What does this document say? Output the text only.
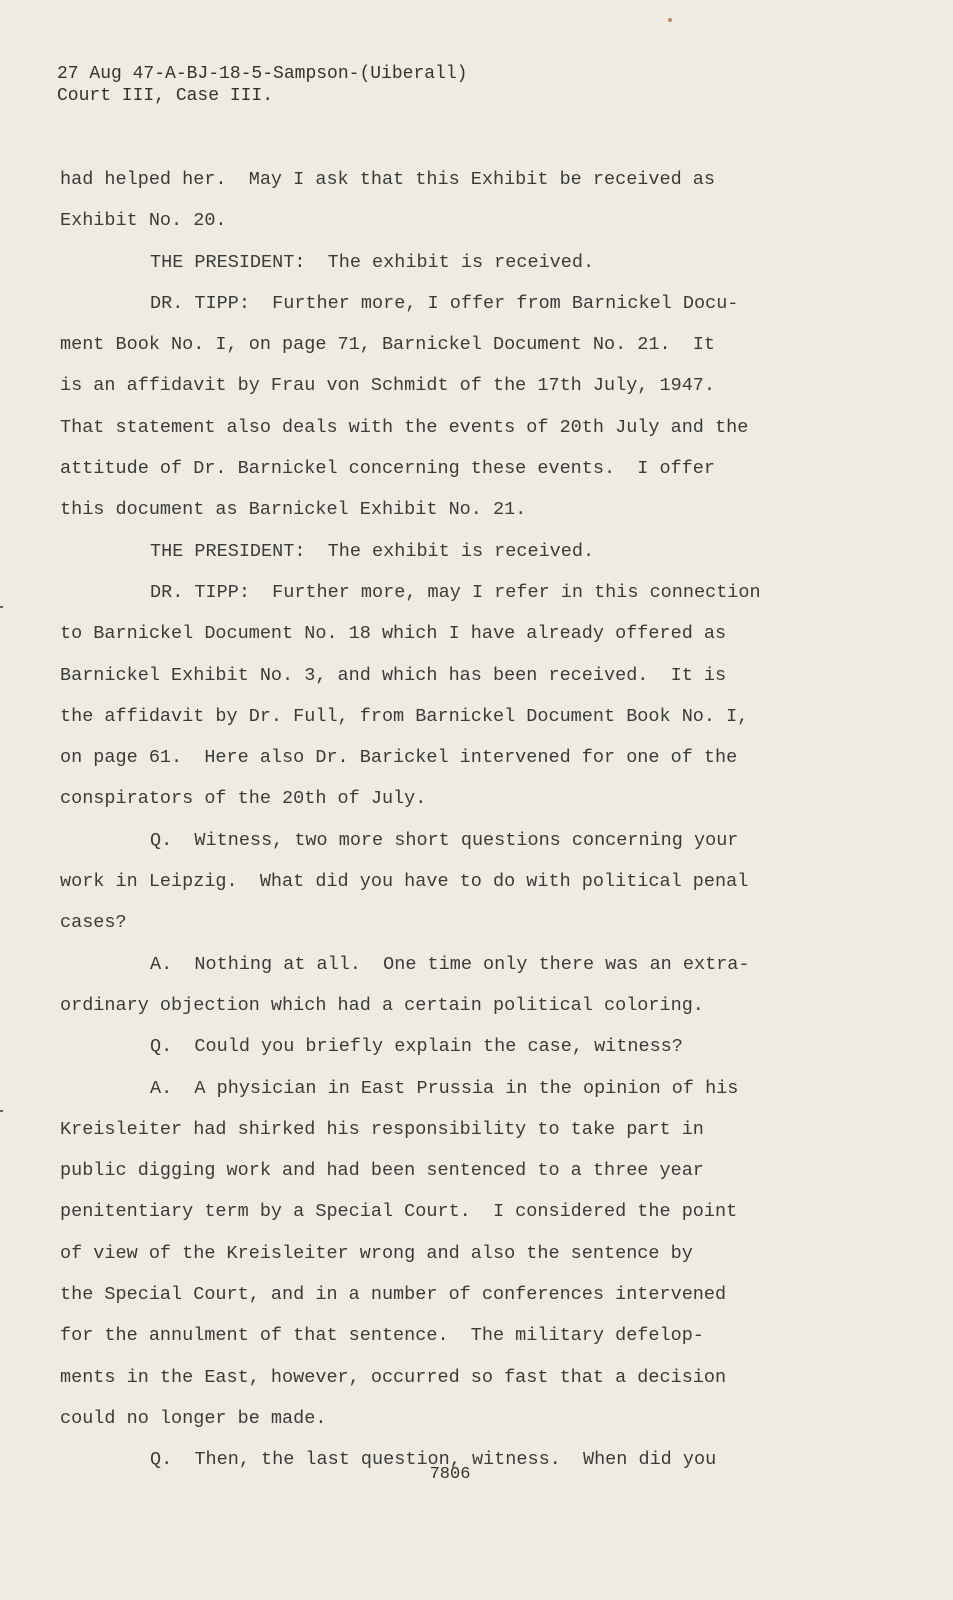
27 Aug 47-A-BJ-18-5-Sampson-(Uiberall)
Court III, Case III.
had helped her.  May I ask that this Exhibit be received as
Exhibit No. 20.
THE PRESIDENT:  The exhibit is received.
DR. TIPP:  Further more, I offer from Barnickel Docu-
ment Book No. I, on page 71, Barnickel Document No. 21.  It
is an affidavit by Frau von Schmidt of the 17th July, 1947.
That statement also deals with the events of 20th July and the
attitude of Dr. Barnickel concerning these events.  I offer
this document as Barnickel Exhibit No. 21.
THE PRESIDENT:  The exhibit is received.
DR. TIPP:  Further more, may I refer in this connection
to Barnickel Document No. 18 which I have already offered as
Barnickel Exhibit No. 3, and which has been received.  It is
the affidavit by Dr. Full, from Barnickel Document Book No. I,
on page 61.  Here also Dr. Barickel intervened for one of the
conspirators of the 20th of July.
Q.  Witness, two more short questions concerning your
work in Leipzig.  What did you have to do with political penal
cases?
A.  Nothing at all.  One time only there was an extra-
ordinary objection which had a certain political coloring.
Q.  Could you briefly explain the case, witness?
A.  A physician in East Prussia in the opinion of his
Kreisleiter had shirked his responsibility to take part in
public digging work and had been sentenced to a three year
penitentiary term by a Special Court.  I considered the point
of view of the Kreisleiter wrong and also the sentence by
the Special Court, and in a number of conferences intervened
for the annulment of that sentence.  The military defelop-
ments in the East, however, occurred so fast that a decision
could no longer be made.
Q.  Then, the last question, witness.  When did you
7806
